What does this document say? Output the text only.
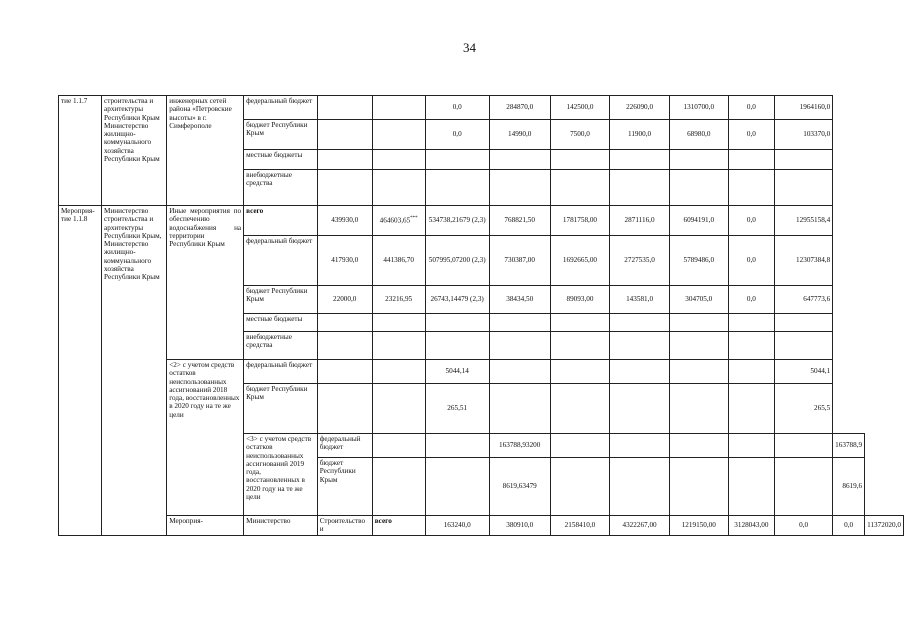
34
тие 1.1.7	строительства и архитектуры Республики Крым Министерство жилищно-коммунального хозяйства Республики Крым	инженерных сетей района «Петровские высоты» в г. Симферополе	федеральный бюджет			0,0	284870,0	142500,0	226090,0	1310700,0	0,0	1964160,0		
			бюджет Республики Крым			0,0	14990,0	7500,0	11900,0	68980,0	0,0	103370,0		
			местные бюджеты											
			внебюджетные средства											
Мероприя-тие 1.1.8	Министерство строительства и архитектуры Республики Крым, Министерство жилищно-коммунального хозяйства Республики Крым	Иные мероприятия по обеспечению водоснабжения на территории Республики Крым	всего	439930,0	464603,65***	534738,21679 (2,3)	768821,50	1781758,00	2871116,0	6094191,0	0,0	12955158,4		
			федеральный бюджет	417930,0	441386,70	507995,07200 (2,3)	730387,00	1692665,00	2727535,0	5789486,0	0,0	12307384,8		
			бюджет Республики Крым	22000,0	23216,95	26743,14479 (2,3)	38434,50	89093,00	143581,0	304705,0	0,0	647773,6		
			местные бюджеты											
			внебюджетные средства											
		<2> с учетом средств остатков неиспользованных ассигнований 2018 года, восстановленных в 2020 году на те же цели	федеральный бюджет			5044,14						5044,1		
			бюджет Республики Крым			265,51						265,5		
			<3> с учетом средств остатков неиспользованных ассигнований 2019 года, восстановленных в 2020 году на те же цели	федеральный бюджет			163788,93200						163788,9	
				бюджет Республики Крым			8619,63479						8619,6	
		Мероприя-	Министерство	Строительство и	всего	163240,0	380910,0	2158410,0	4322267,00	1219150,00	3128043,00	0,0	0,0	11372020,0
